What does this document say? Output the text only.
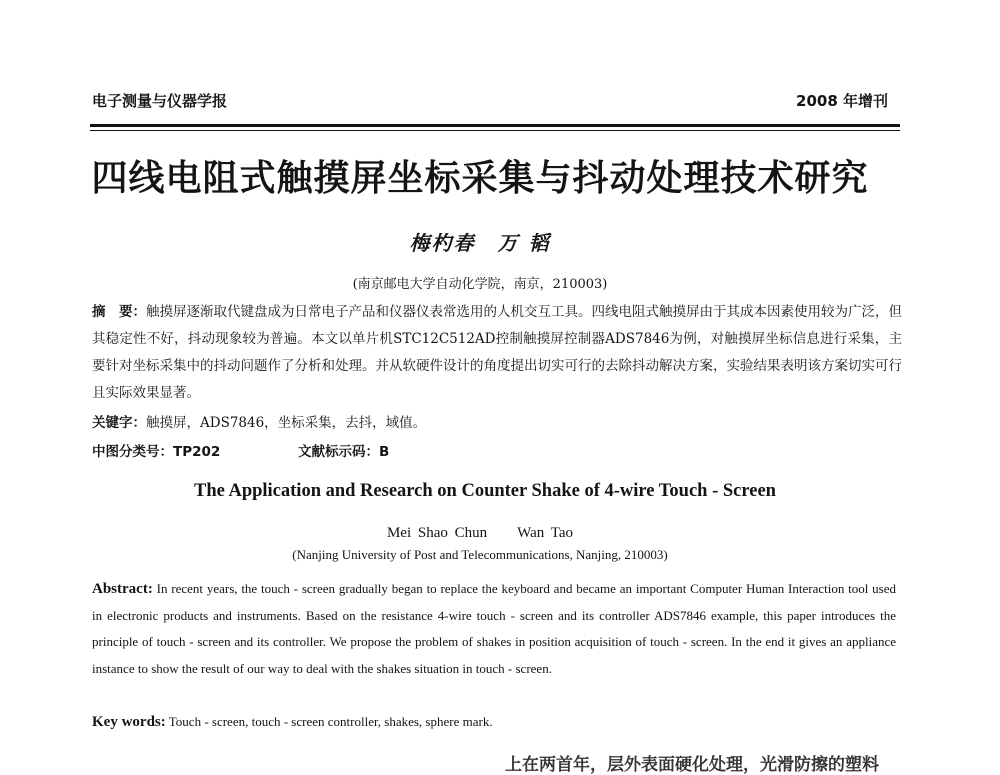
电子测量与仪器学报	2008 年增刊
四线电阻式触摸屏坐标采集与抖动处理技术研究
梅杓春　万 韬
(南京邮电大学自动化学院，南京，210003)
摘　要：触摸屏逐渐取代键盘成为日常电子产品和仪器仪表常选用的人机交互工具。四线电阻式触摸屏由于其成本因素使用较为广泛，但其稳定性不好，抖动现象较为普遍。本文以单片机STC12C512AD控制触摸屏控制器ADS7846为例，对触摸屏坐标信息进行采集，主要针对坐标采集中的抖动问题作了分析和处理。并从软硬件设计的角度提出切实可行的去除抖动解决方案，实验结果表明该方案切实可行且实际效果显著。
关键字：触摸屏，ADS7846，坐标采集，去抖，域值。
中图分类号：TP202	文献标示码：B
The Application and Research on Counter Shake of 4-wire Touch - Screen
Mei Shao Chun　　Wan Tao
(Nanjing University of Post and Telecommunications, Nanjing, 210003)
Abstract: In recent years, the touch - screen gradually began to replace the keyboard and became an important Computer Human Interaction tool used in electronic products and instruments. Based on the resistance 4-wire touch - screen and its controller ADS7846 example, this paper introduces the principle of touch - screen and its controller. We propose the problem of shakes in position acquisition of touch - screen. In the end it gives an appliance instance to show the result of our way to deal with the shakes situation in touch - screen.
Key words: Touch - screen, touch - screen controller, shakes, sphere mark.
上在两首年，层外表面硬化处理，光滑防擦的塑料
